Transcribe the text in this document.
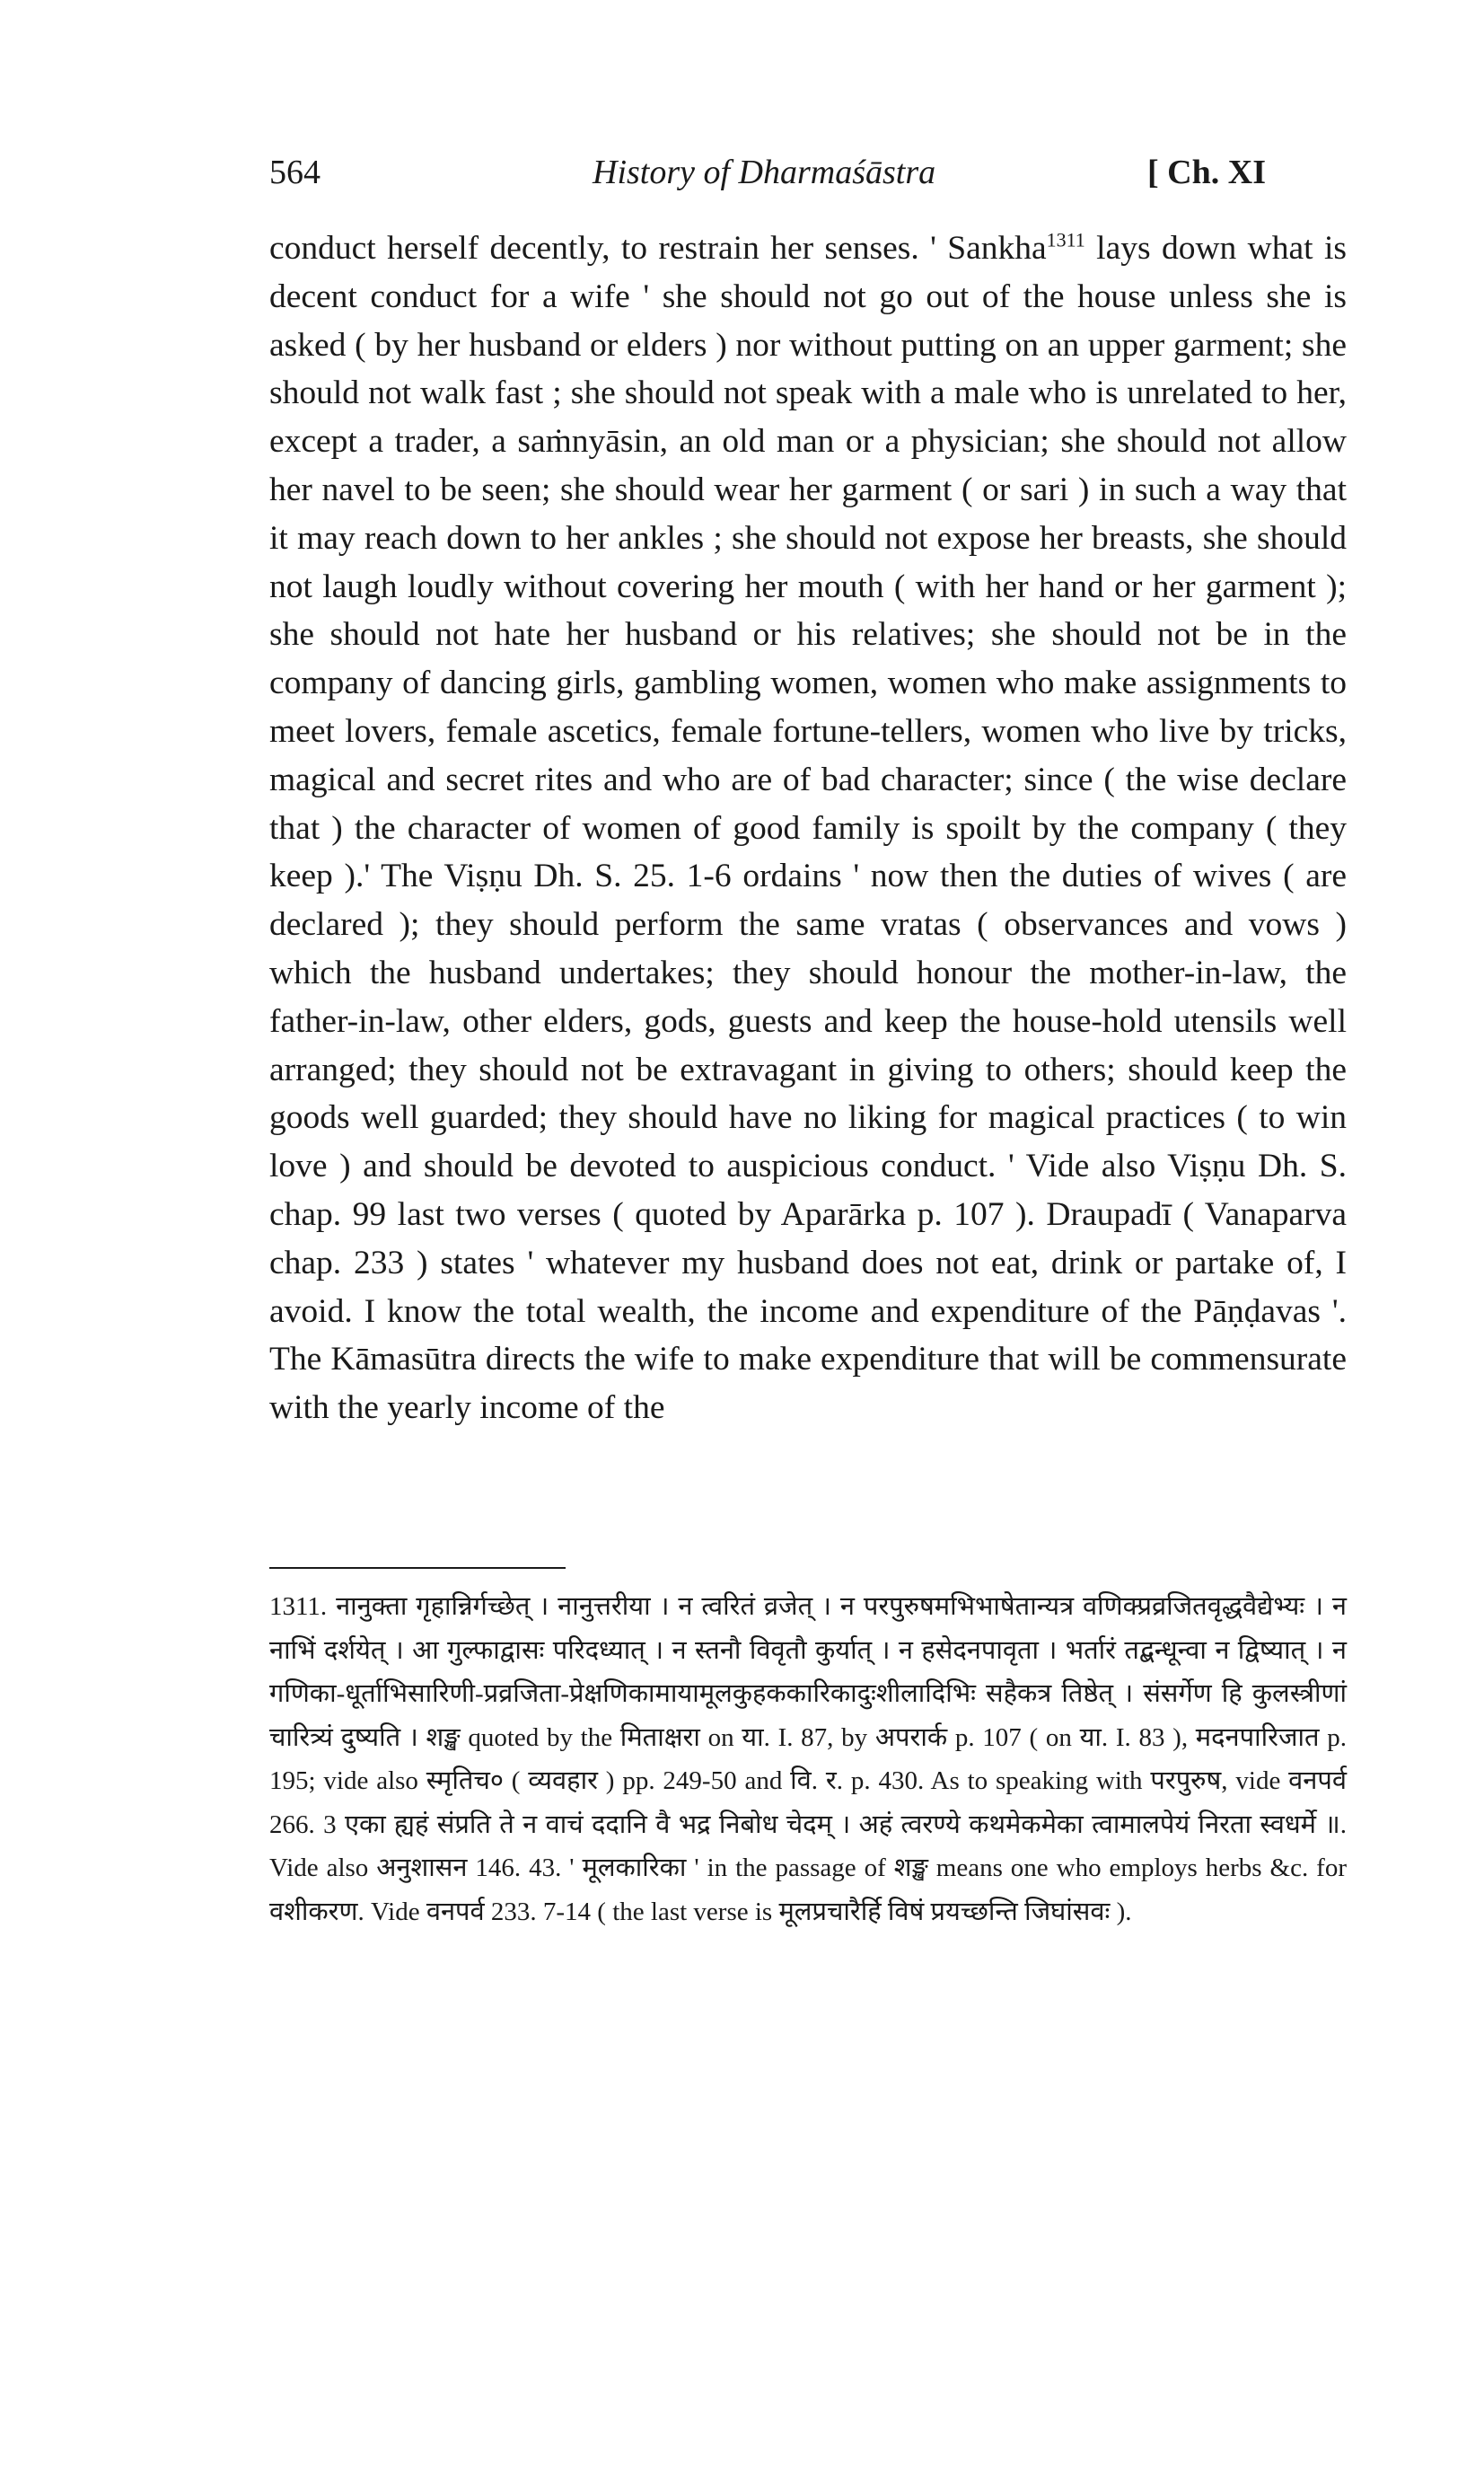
564	History of Dharmaśāstra	[ Ch. XI
conduct herself decently, to restrain her senses. ' Sankha$^{1311}$ lays down what is decent conduct for a wife ' she should not go out of the house unless she is asked ( by her husband or elders ) nor without putting on an upper garment; she should not walk fast ; she should not speak with a male who is unrelated to her, except a trader, a saṁnyāsin, an old man or a physician; she should not allow her navel to be seen; she should wear her garment ( or sari ) in such a way that it may reach down to her ankles ; she should not expose her breasts, she should not laugh loudly without covering her mouth ( with her hand or her garment ); she should not hate her husband or his relatives; she should not be in the company of dancing girls, gambling women, women who make assignments to meet lovers, female ascetics, female fortune-tellers, women who live by tricks, magical and secret rites and who are of bad character; since ( the wise declare that ) the character of women of good family is spoilt by the company ( they keep ).' The Viṣṇu Dh. S. 25. 1-6 ordains ' now then the duties of wives ( are declared ); they should perform the same vratas ( observances and vows ) which the husband undertakes; they should honour the mother-in-law, the father-in-law, other elders, gods, guests and keep the house-hold utensils well arranged; they should not be extravagant in giving to others; should keep the goods well guarded; they should have no liking for magical practices ( to win love ) and should be devoted to auspicious conduct. ' Vide also Viṣṇu Dh. S. chap. 99 last two verses ( quoted by Aparārka p. 107 ). Draupadī ( Vanaparva chap. 233 ) states ' whatever my husband does not eat, drink or partake of, I avoid. I know the total wealth, the income and expenditure of the Pāṇḍavas '. The Kāmasūtra directs the wife to make expenditure that will be commensurate with the yearly income of the
1311. नानुक्ता गृहान्निर्गच्छेत् । नानुत्तरीया । न त्वरितं व्रजेत् । न परपुरुषमभिभाषेतान्यत्र वणिक्प्रव्रजितवृद्धवैद्येभ्यः । न नाभिं दर्शयेत् । आ गुल्फाद्वासः परिदध्यात् । न स्तनौ विवृतौ कुर्यात् । न हसेदनपावृता । भर्तारं तद्बन्धून्वा न द्विष्यात् । न गणिका-धूर्ताभिसारिणी-प्रव्रजिता-प्रेक्षणिकामायामूलकुहककारिकादुःशीलादिभिः सहैकत्र तिष्ठेत् । संसर्गेण हि कुलस्त्रीणां चारित्र्यं दुष्यति । शङ्ख quoted by the मिताक्षरा on या. I. 87, by अपरार्क p. 107 ( on या. I. 83 ), मदनपारिजात p. 195; vide also स्मृतिच० ( व्यवहार ) pp. 249-50 and वि. र. p. 430. As to speaking with परपुरुष, vide वनपर्व 266. 3 एका ह्यहं संप्रति ते न वाचं ददानि वै भद्र निबोध चेदम् । अहं त्वरण्ये कथमेकमेका त्वामालपेयं निरता स्वधर्मे ॥. Vide also अनुशासन 146. 43. ' मूलकारिका ' in the passage of शङ्ख means one who employs herbs &c. for वशीकरण. Vide वनपर्व 233. 7-14 ( the last verse is मूलप्रचारैर्हि विषं प्रयच्छन्ति जिघांसवः ).
